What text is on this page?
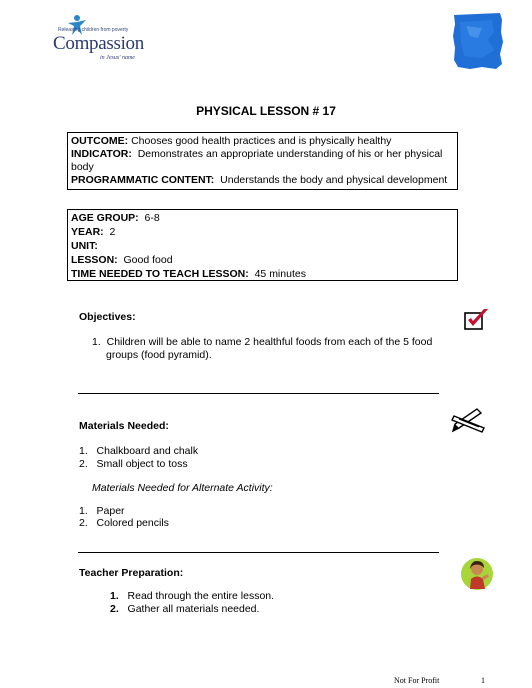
Releasing children from poverty
Compassion
in Jesus' name
PHYSICAL LESSON # 17

OUTCOME: Chooses good health practices and is physically healthy

INDICATOR: Demonstrates an appropriate understanding of his or her physical body

PROGRAMMATIC CONTENT: Understands the body and physical development

AGE GROUP: 6-8

YEAR: 2

UNIT:

LESSON: Good food

TIME NEEDED TO TEACH LESSON: 45 minutes

Objectives:
1. Children will be able to name 2 healthful foods from each of the 5 food
groups (food pyramid).
Materials Needed:
1. Chalkboard and chalk
2. Small object to toss
Materials Needed for Alternate Activity:
1. Paper
2. Colored pencils
Teacher Preparation:
1. Read through the entire lesson.
2. Gather all materials needed.
Not For Profit	1
